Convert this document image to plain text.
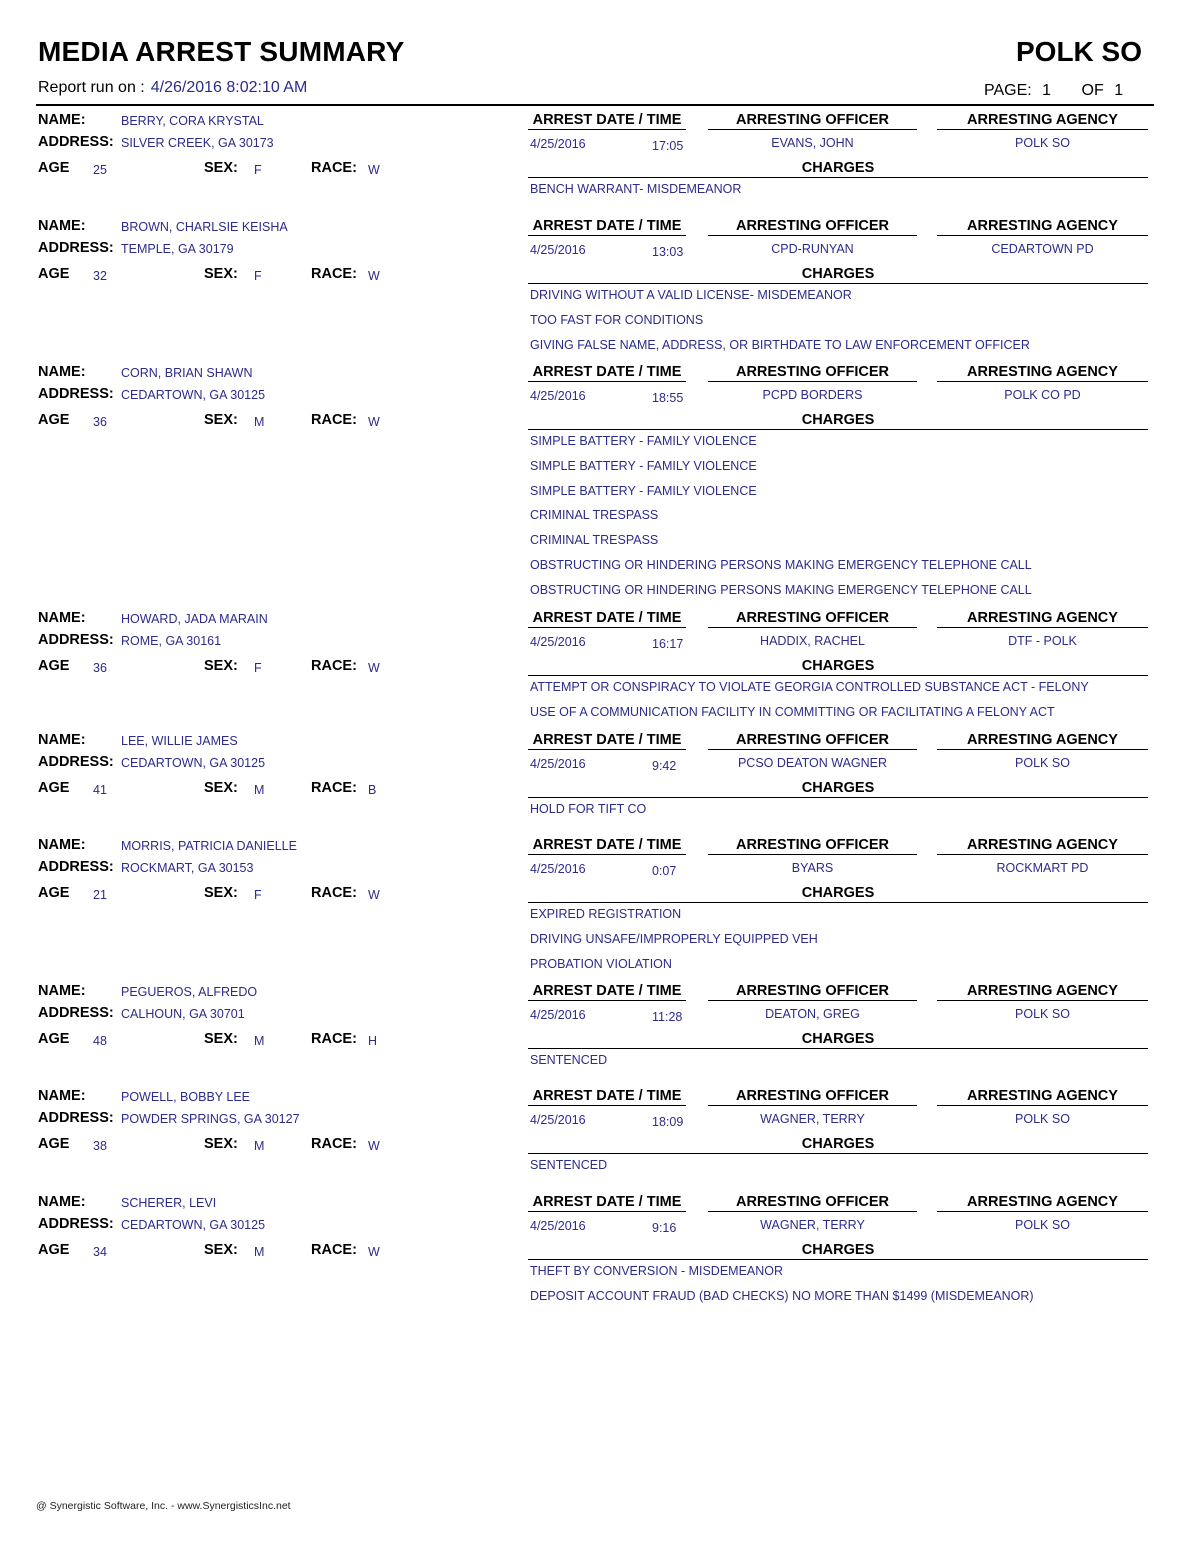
MEDIA ARREST SUMMARY	POLK SO
Report run on : 4/26/2016 8:02:10 AM	PAGE: 1 OF 1
NAME:	BERRY, CORA KRYSTAL
ADDRESS: SILVER CREEK, GA 30173
AGE 25	SEX: F	RACE: W
ARREST DATE / TIME	ARRESTING OFFICER	ARRESTING AGENCY
4/25/2016	17:05	EVANS, JOHN	POLK SO
CHARGES
BENCH WARRANT- MISDEMEANOR
NAME:	BROWN, CHARLSIE KEISHA
ADDRESS: TEMPLE, GA 30179
AGE 32	SEX: F	RACE: W
ARREST DATE / TIME	ARRESTING OFFICER	ARRESTING AGENCY
4/25/2016	13:03	CPD-RUNYAN	CEDARTOWN PD
CHARGES
DRIVING WITHOUT A VALID LICENSE- MISDEMEANOR
TOO FAST FOR CONDITIONS
GIVING FALSE NAME, ADDRESS, OR BIRTHDATE TO LAW ENFORCEMENT OFFICER
NAME:	CORN, BRIAN SHAWN
ADDRESS: CEDARTOWN, GA 30125
AGE 36	SEX: M	RACE: W
ARREST DATE / TIME	ARRESTING OFFICER	ARRESTING AGENCY
4/25/2016	18:55	PCPD BORDERS	POLK CO PD
CHARGES
SIMPLE BATTERY - FAMILY VIOLENCE
SIMPLE BATTERY - FAMILY VIOLENCE
SIMPLE BATTERY - FAMILY VIOLENCE
CRIMINAL TRESPASS
CRIMINAL TRESPASS
OBSTRUCTING OR HINDERING PERSONS MAKING EMERGENCY TELEPHONE CALL
OBSTRUCTING OR HINDERING PERSONS MAKING EMERGENCY TELEPHONE CALL
NAME:	HOWARD, JADA MARAIN
ADDRESS: ROME, GA 30161
AGE 36	SEX: F	RACE: W
ARREST DATE / TIME	ARRESTING OFFICER	ARRESTING AGENCY
4/25/2016	16:17	HADDIX, RACHEL	DTF - POLK
CHARGES
ATTEMPT OR CONSPIRACY TO VIOLATE GEORGIA CONTROLLED SUBSTANCE ACT - FELONY
USE OF A COMMUNICATION FACILITY IN COMMITTING OR FACILITATING A FELONY ACT
NAME:	LEE, WILLIE JAMES
ADDRESS: CEDARTOWN, GA 30125
AGE 41	SEX: M	RACE: B
ARREST DATE / TIME	ARRESTING OFFICER	ARRESTING AGENCY
4/25/2016	9:42	PCSO DEATON WAGNER	POLK SO
CHARGES
HOLD FOR TIFT CO
NAME:	MORRIS, PATRICIA DANIELLE
ADDRESS: ROCKMART, GA 30153
AGE 21	SEX: F	RACE: W
ARREST DATE / TIME	ARRESTING OFFICER	ARRESTING AGENCY
4/25/2016	0:07	BYARS	ROCKMART PD
CHARGES
EXPIRED REGISTRATION
DRIVING UNSAFE/IMPROPERLY EQUIPPED VEH
PROBATION VIOLATION
NAME:	PEGUEROS, ALFREDO
ADDRESS: CALHOUN, GA 30701
AGE 48	SEX: M	RACE: H
ARREST DATE / TIME	ARRESTING OFFICER	ARRESTING AGENCY
4/25/2016	11:28	DEATON, GREG	POLK SO
CHARGES
SENTENCED
NAME:	POWELL, BOBBY LEE
ADDRESS: POWDER SPRINGS, GA 30127
AGE 38	SEX: M	RACE: W
ARREST DATE / TIME	ARRESTING OFFICER	ARRESTING AGENCY
4/25/2016	18:09	WAGNER, TERRY	POLK SO
CHARGES
SENTENCED
NAME:	SCHERER, LEVI
ADDRESS: CEDARTOWN, GA 30125
AGE 34	SEX: M	RACE: W
ARREST DATE / TIME	ARRESTING OFFICER	ARRESTING AGENCY
4/25/2016	9:16	WAGNER, TERRY	POLK SO
CHARGES
THEFT BY CONVERSION - MISDEMEANOR
DEPOSIT ACCOUNT FRAUD (BAD CHECKS) NO MORE THAN $1499 (MISDEMEANOR)
@ Synergistic Software, Inc. - www.SynergisticsInc.net
